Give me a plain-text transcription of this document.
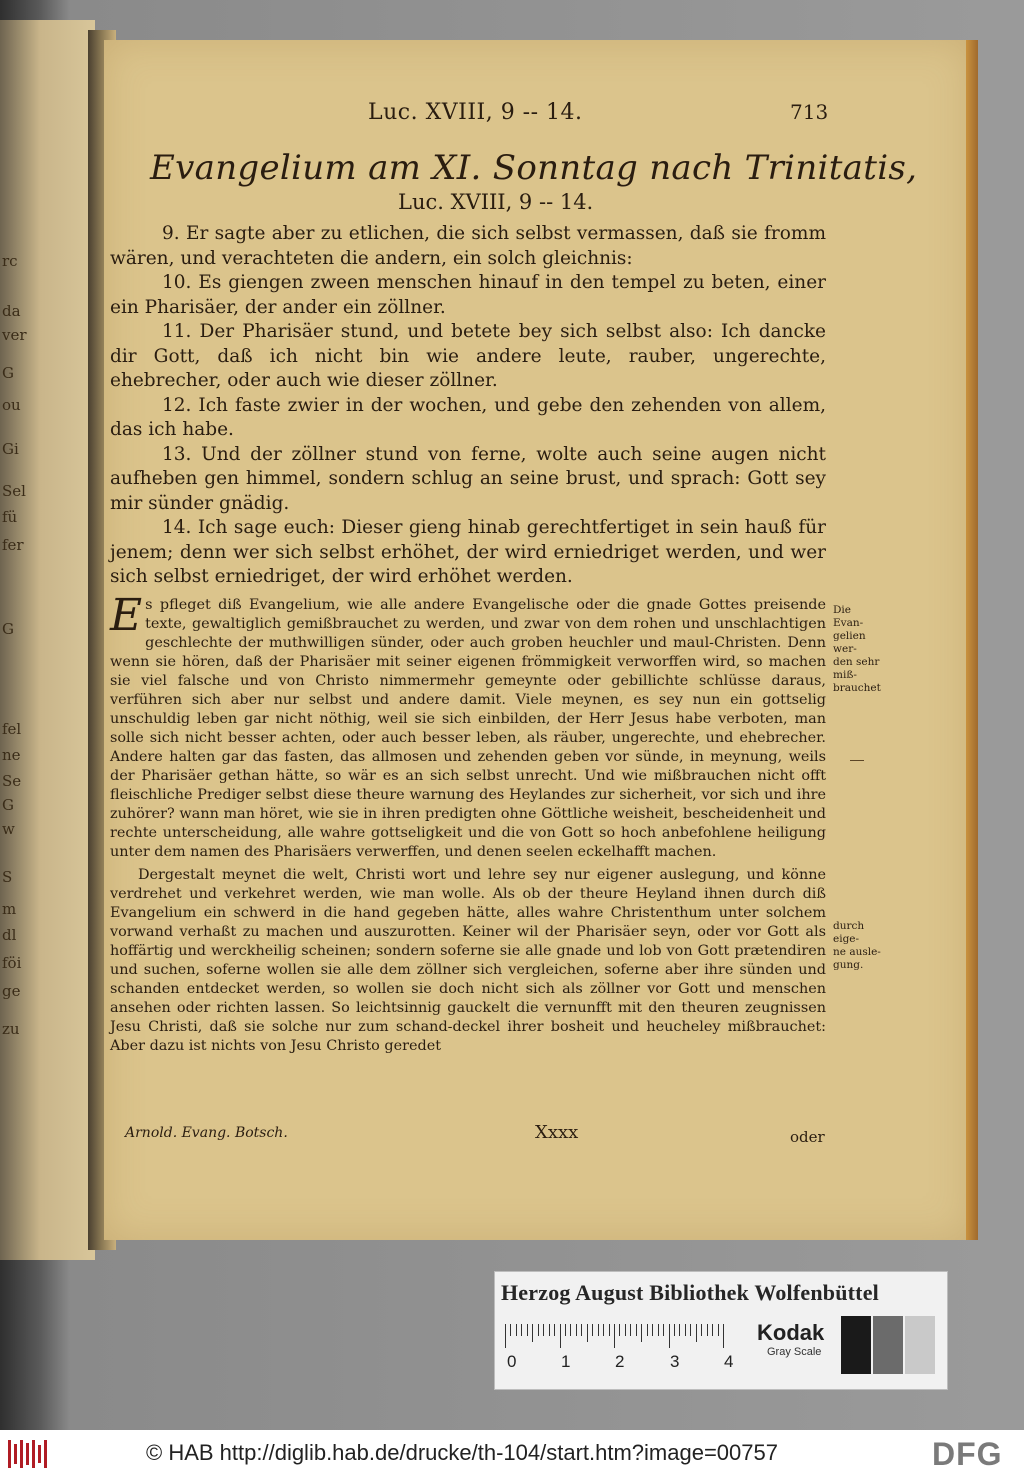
rc
da
ver
G
ou
Gi
Sel
fü
fer
G
fel
ne
Se
G
w
S
m
dl
föi
ge
zu
Luc. XVIII, 9 -- 14.	713
Evangelium am XI. Sonntag nach Trinitatis,
Luc. XVIII, 9 -- 14.

9. Er sagte aber zu etlichen, die sich selbst vermassen, daß sie fromm wären, und verachteten die andern, ein solch gleichnis:

10. Es giengen zween menschen hinauf in den tempel zu beten, einer ein Pharisäer, der ander ein zöllner.

11. Der Pharisäer stund, und betete bey sich selbst also: Ich dancke dir Gott, daß ich nicht bin wie andere leute, rauber, ungerechte, ehebrecher, oder auch wie dieser zöllner.

12. Ich faste zwier in der wochen, und gebe den zehenden von allem, das ich habe.

13. Und der zöllner stund von ferne, wolte auch seine augen nicht aufheben gen himmel, sondern schlug an seine brust, und sprach: Gott sey mir sünder gnädig.

14. Ich sage euch: Dieser gieng hinab gerechtfertiget in sein hauß für jenem; denn wer sich selbst erhöhet, der wird erniedriget werden, und wer sich selbst erniedriget, der wird erhöhet werden.

Es pfleget diß Evangelium, wie alle andere Evangelische oder die gnade Gottes preisende texte, gewaltiglich gemißbrauchet zu werden, und zwar von dem rohen und unschlachtigen geschlechte der muthwilligen sünder, oder auch groben heuchler und maul-Christen. Denn wenn sie hören, daß der Pharisäer mit seiner eigenen frömmigkeit verworffen wird, so machen sie viel falsche und von Christo nimmermehr gemeynte oder gebillichte schlüsse daraus, verführen sich aber nur selbst und andere damit. Viele meynen, es sey nun ein gottselig unschuldig leben gar nicht nöthig, weil sie sich einbilden, der Herr Jesus habe verboten, man solle sich nicht besser achten, oder auch besser leben, als räuber, ungerechte, und ehebrecher. Andere halten gar das fasten, das allmosen und zehenden geben vor sünde, in meynung, weils der Pharisäer gethan hätte, so wär es an sich selbst unrecht. Und wie mißbrauchen nicht offt fleischliche Prediger selbst diese theure warnung des Heylandes zur sicherheit, vor sich und ihre zuhörer? wann man höret, wie sie in ihren predigten ohne Göttliche weisheit, bescheidenheit und rechte unterscheidung, alle wahre gottseligkeit und die von Gott so hoch anbefohlene heiligung unter dem namen des Pharisäers verwerffen, und denen seelen eckelhafft machen.

Dergestalt meynet die welt, Christi wort und lehre sey nur eigener auslegung, und könne verdrehet und verkehret werden, wie man wolle. Als ob der theure Heyland ihnen durch diß Evangelium ein schwerd in die hand gegeben hätte, alles wahre Christenthum unter solchem vorwand verhaßt zu machen und auszurotten. Keiner wil der Pharisäer seyn, oder vor Gott als hoffärtig und werckheilig scheinen; sondern soferne sie alle gnade und lob von Gott prætendiren und suchen, soferne wollen sie alle dem zöllner sich vergleichen, soferne aber ihre sünden und schanden entdecket werden, so wollen sie doch nicht sich als zöllner vor Gott und menschen ansehen oder richten lassen. So leichtsinnig gauckelt die vernunfft mit den theuren zeugnissen Jesu Christi, daß sie solche nur zum schand-deckel ihrer bosheit und heucheley mißbrauchet: Aber dazu ist nichts von Jesu Christo geredet

Die Evan-
gelien wer-
den sehr
miß-
brauchet
durch eige-
ne ausle-
gung.
Arnold. Evang. Botsch.	Xxxx	oder
Herzog August Bibliothek Wolfenbüttel
0	1	2	3	4
Kodak
Gray Scale
© HAB http://diglib.hab.de/drucke/th-104/start.htm?image=00757	DFG
